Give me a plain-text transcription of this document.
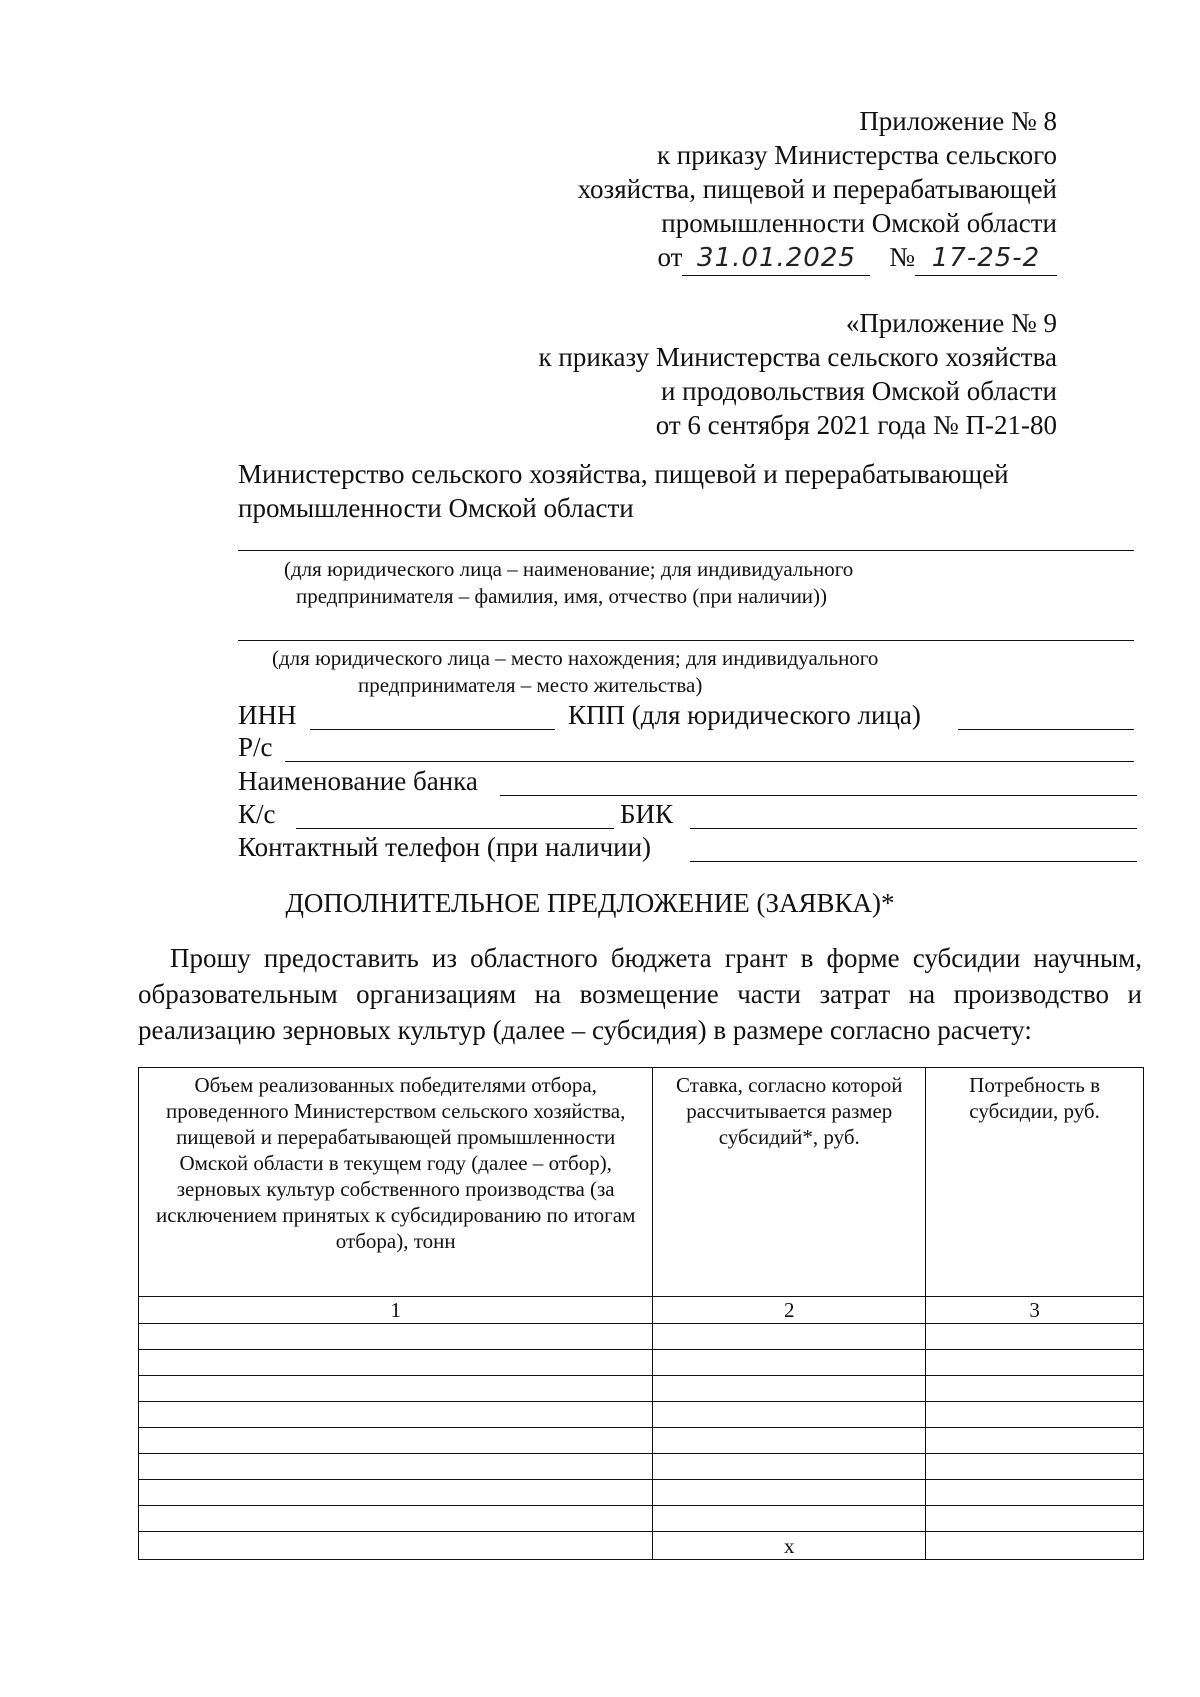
Приложение № 8
к приказу Министерства сельского
хозяйства, пищевой и перерабатывающей
промышленности Омской области
от 31.01.2025 № 17-25-2
«Приложение № 9
к приказу Министерства сельского хозяйства
и продовольствия Омской области
от 6 сентября 2021 года № П-21-80
Министерство сельского хозяйства, пищевой и перерабатывающей
промышленности Омской области
(для юридического лица – наименование; для индивидуального
предпринимателя – фамилия, имя, отчество (при наличии))
(для юридического лица – место нахождения; для индивидуального
предпринимателя – место жительства)
ИНН	КПП (для юридического лица)
Р/с
Наименование банка
К/с	БИК
Контактный телефон (при наличии)
ДОПОЛНИТЕЛЬНОЕ ПРЕДЛОЖЕНИЕ (ЗАЯВКА)*
Прошу предоставить из областного бюджета грант в форме субсидии научным, образовательным организациям на возмещение части затрат на производство и реализацию зерновых культур (далее – субсидия) в размере согласно расчету:
Объем реализованных победителями отбора, проведенного Министерством сельского хозяйства, пищевой и перерабатывающей промышленности Омской области в текущем году (далее – отбор), зерновых культур собственного производства (за исключением принятых к субсидированию по итогам отбора), тонн	Ставка, согласно которой рассчитывается размер субсидий*, руб.	Потребность в субсидии, руб.
1	2	3

	x	
